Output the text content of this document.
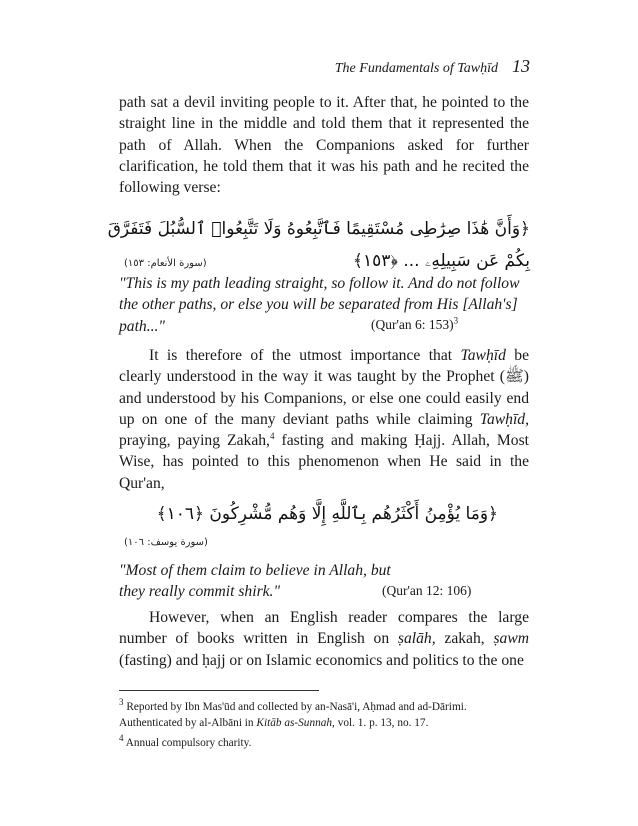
The Fundamentals of Tawḥīd 13

path sat a devil inviting people to it. After that, he pointed to the straight line in the middle and told them that it represented the path of Allah. When the Companions asked for further clarification, he told them that it was his path and he recited the following verse:

﴿وَأَنَّ هَٰذَا صِرَٰطِى مُسْتَقِيمًا فَٱتَّبِعُوهُ وَلَا تَتَّبِعُوا۟ ٱلسُّبُلَ فَتَفَرَّقَ
بِكُمْ عَن سَبِيلِهِۦ ... ﴿١٥٣﴾
(سورة الأنعام: ١٥٣)

"This is my path leading straight, so follow it. And do not follow the other paths, or else you will be separated from His [Allah's] path..."	(Qur'an 6: 153)$^3$

It is therefore of the utmost importance that Tawḥīd be clearly understood in the way it was taught by the Prophet (ﷺ) and understood by his Companions, or else one could easily end up on one of the many deviant paths while claiming Tawḥīd, praying, paying Zakah,$^4$ fasting and making Ḥajj. Allah, Most Wise, has pointed to this phenomenon when He said in the Qur'an,

﴿وَمَا يُؤْمِنُ أَكْثَرُهُم بِٱللَّهِ إِلَّا وَهُم مُّشْرِكُونَ ﴿١٠٦﴾
(سورة يوسف: ١٠٦)

"Most of them claim to believe in Allah, but they really commit shirk."	(Qur'an 12: 106)

However, when an English reader compares the large number of books written in English on ṣalāh, zakah, ṣawm (fasting) and ḥajj or on Islamic economics and politics to the one

$^3$ Reported by Ibn Mas'ūd and collected by an-Nasā'i, Aḥmad and ad-Dārimi. Authenticated by al-Albāni in Kitāb as-Sunnah, vol. 1. p. 13, no. 17.

$^4$ Annual compulsory charity.
